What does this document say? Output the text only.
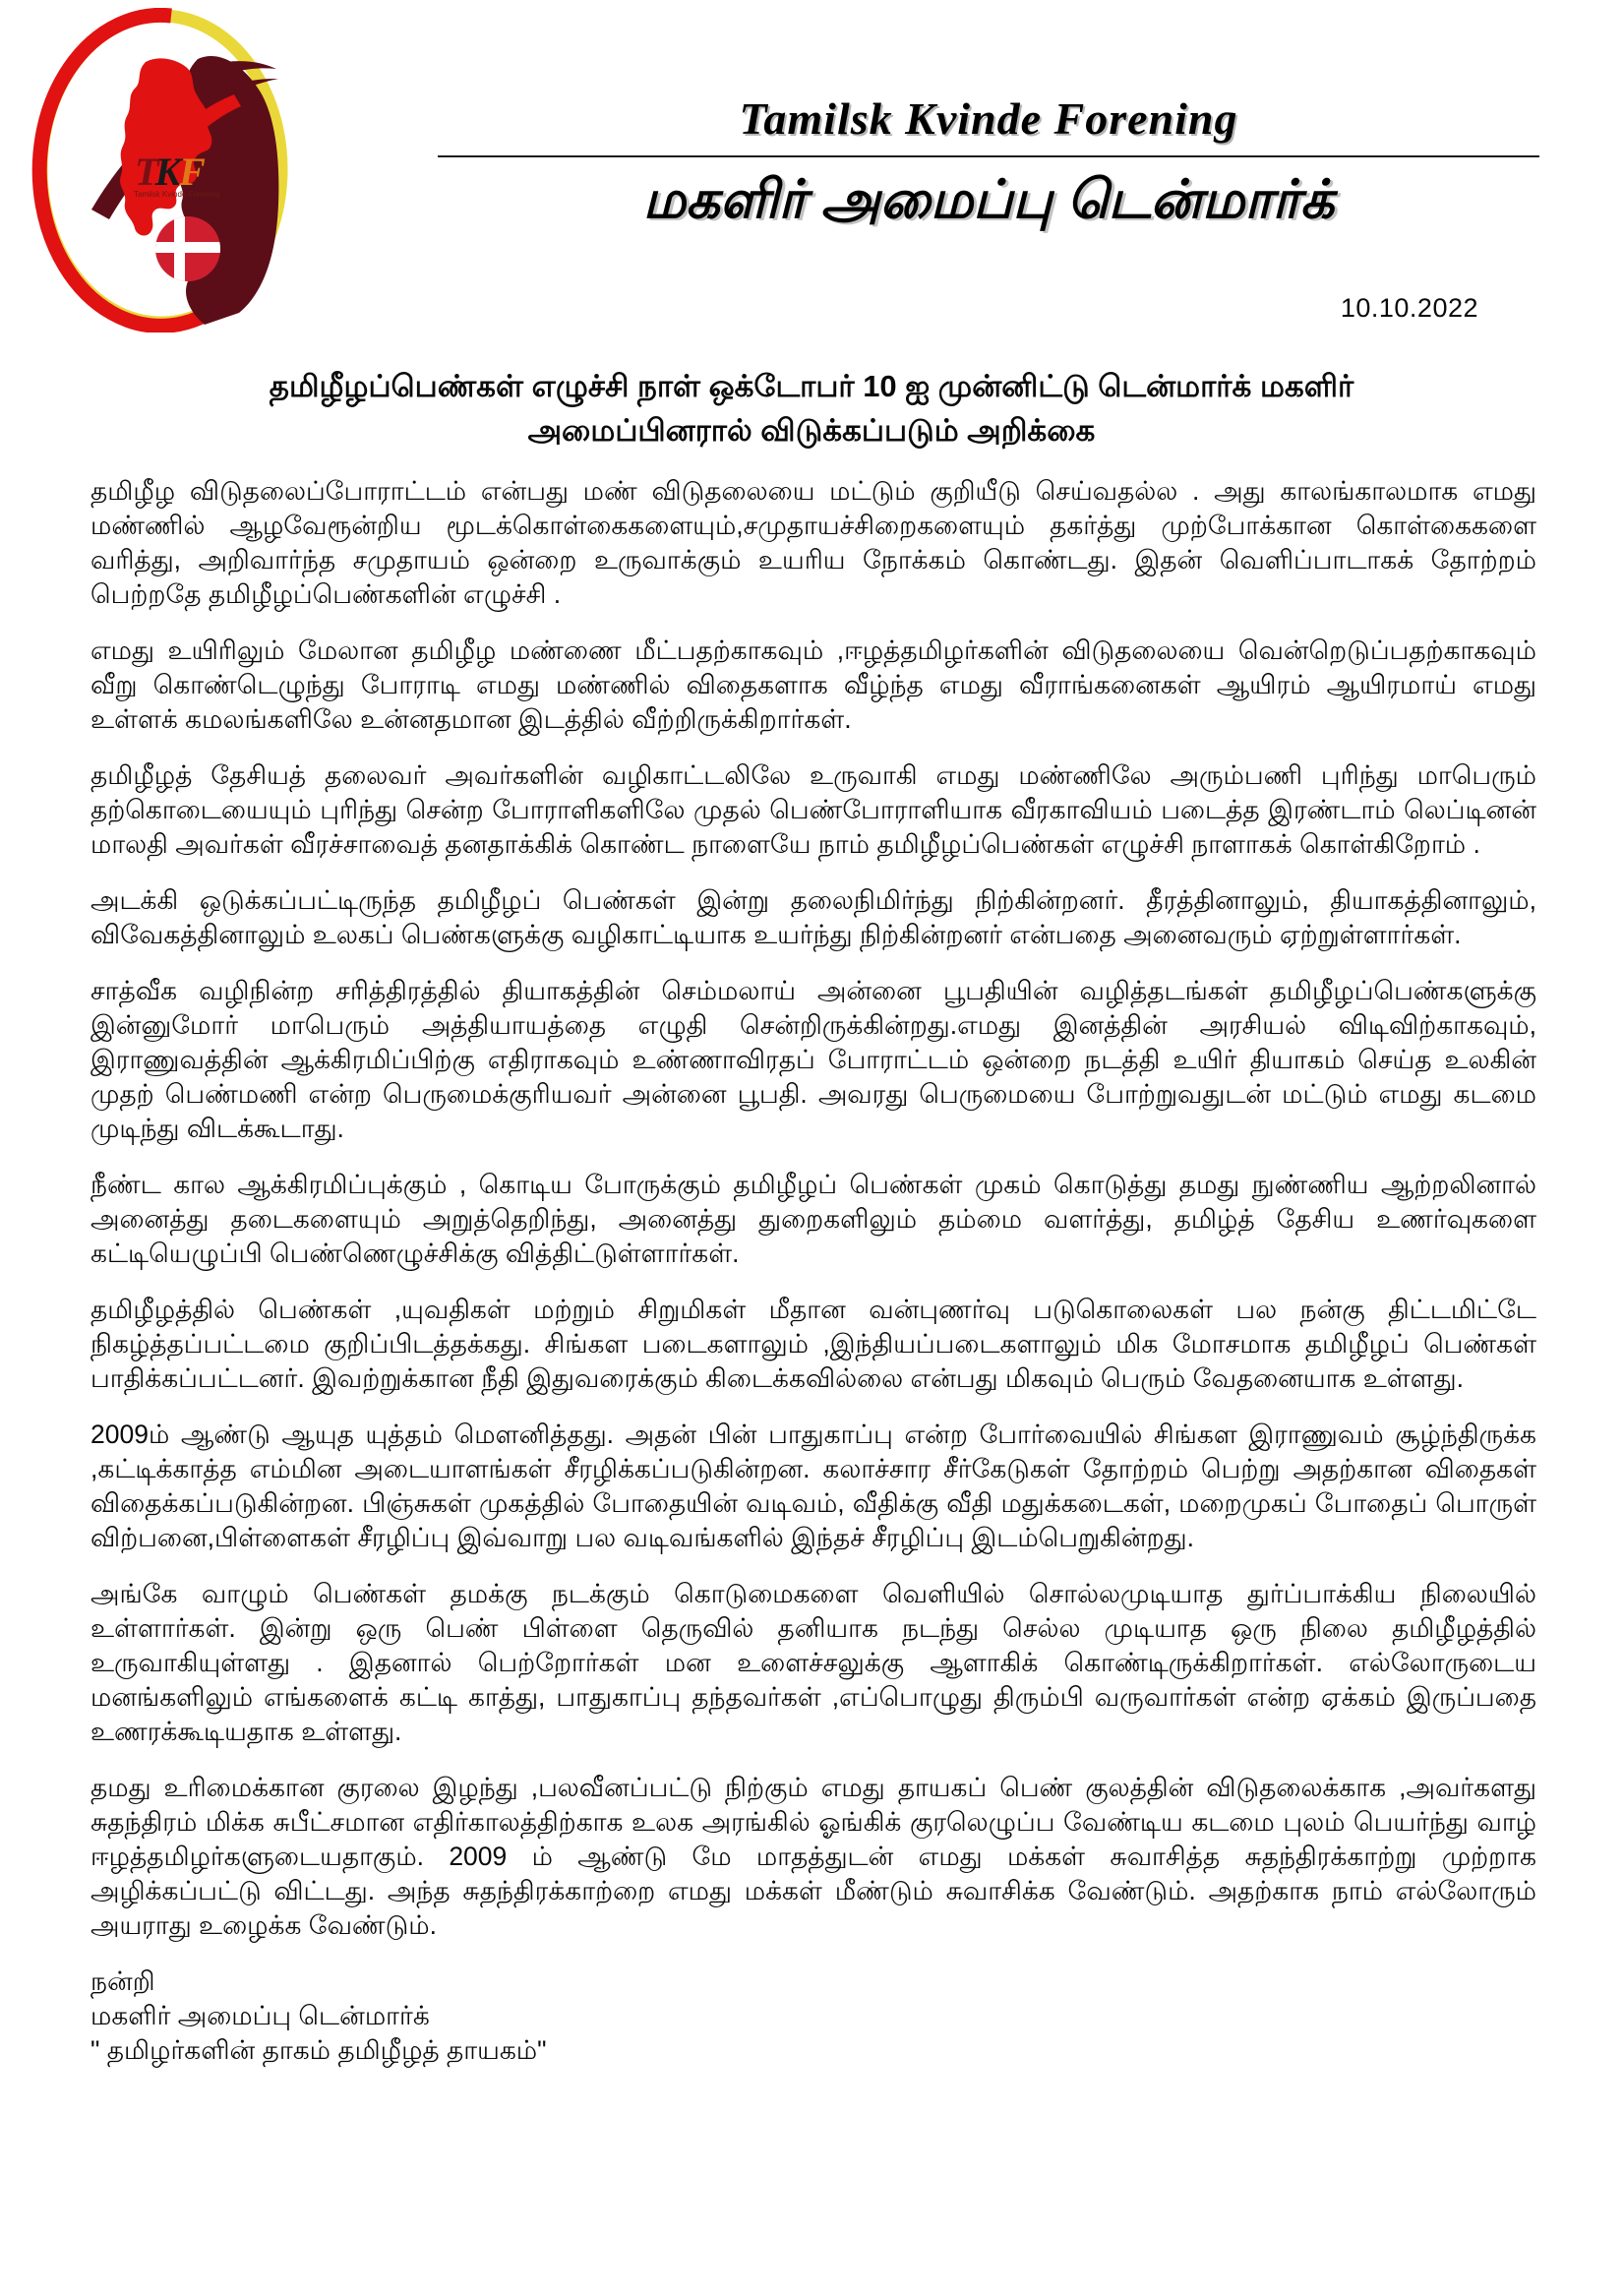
TKF
Tamilsk Kvinde Forening
Tamilsk Kvinde Forening
மகளிர் அமைப்பு டென்மார்க்
10.10.2022
தமிழீழப்பெண்கள் எழுச்சி நாள் ஒக்டோபர் 10 ஐ முன்னிட்டு டென்மார்க் மகளிர்
அமைப்பினரால் விடுக்கப்படும் அறிக்கை

தமிழீழ விடுதலைப்போராட்டம் என்பது மண் விடுதலையை மட்டும் குறியீடு செய்வதல்ல . அது காலங்காலமாக எமது மண்ணில் ஆழவேரூன்றிய மூடக்கொள்கைகளையும்,சமுதாயச்சிறைகளையும் தகர்த்து முற்போக்கான கொள்கைகளை வரித்து, அறிவார்ந்த சமுதாயம் ஒன்றை உருவாக்கும் உயரிய நோக்கம் கொண்டது. இதன் வெளிப்பாடாகக் தோற்றம் பெற்றதே தமிழீழப்பெண்களின் எழுச்சி .

எமது உயிரிலும் மேலான தமிழீழ மண்ணை மீட்பதற்காகவும் ,ஈழத்தமிழர்களின் விடுதலையை வென்றெடுப்பதற்காகவும் வீறு கொண்டெழுந்து போராடி எமது மண்ணில் விதைகளாக வீழ்ந்த எமது வீராங்கனைகள் ஆயிரம் ஆயிரமாய் எமது உள்ளக் கமலங்களிலே உன்னதமான இடத்தில் வீற்றிருக்கிறார்கள்.

தமிழீழத் தேசியத் தலைவர் அவர்களின் வழிகாட்டலிலே உருவாகி எமது மண்ணிலே அரும்பணி புரிந்து மாபெரும் தற்கொடையையும் புரிந்து சென்ற போராளிகளிலே முதல் பெண்போராளியாக வீரகாவியம் படைத்த இரண்டாம் லெப்டினன் மாலதி அவர்கள் வீரச்சாவைத் தனதாக்கிக் கொண்ட நாளையே நாம் தமிழீழப்பெண்கள் எழுச்சி நாளாகக் கொள்கிறோம் .

அடக்கி ஒடுக்கப்பட்டிருந்த தமிழீழப் பெண்கள் இன்று தலைநிமிர்ந்து நிற்கின்றனர். தீரத்தினாலும், தியாகத்தினாலும், விவேகத்தினாலும் உலகப் பெண்களுக்கு வழிகாட்டியாக உயர்ந்து நிற்கின்றனர் என்பதை அனைவரும் ஏற்றுள்ளார்கள்.

சாத்வீக வழிநின்ற சரித்திரத்தில் தியாகத்தின் செம்மலாய் அன்னை பூபதியின் வழித்தடங்கள் தமிழீழப்பெண்களுக்கு இன்னுமோர் மாபெரும் அத்தியாயத்தை எழுதி சென்றிருக்கின்றது.எமது இனத்தின் அரசியல் விடிவிற்காகவும், இராணுவத்தின் ஆக்கிரமிப்பிற்கு எதிராகவும் உண்ணாவிரதப் போராட்டம் ஒன்றை நடத்தி உயிர் தியாகம் செய்த உலகின் முதற் பெண்மணி என்ற பெருமைக்குரியவர் அன்னை பூபதி. அவரது பெருமையை போற்றுவதுடன் மட்டும் எமது கடமை முடிந்து விடக்கூடாது.

நீண்ட கால ஆக்கிரமிப்புக்கும் , கொடிய போருக்கும் தமிழீழப் பெண்கள் முகம் கொடுத்து தமது நுண்ணிய ஆற்றலினால் அனைத்து தடைகளையும் அறுத்தெறிந்து, அனைத்து துறைகளிலும் தம்மை வளர்த்து, தமிழ்த் தேசிய உணர்வுகளை கட்டியெழுப்பி பெண்ணெழுச்சிக்கு வித்திட்டுள்ளார்கள்.

தமிழீழத்தில் பெண்கள் ,யுவதிகள் மற்றும் சிறுமிகள் மீதான வன்புணர்வு படுகொலைகள் பல நன்கு திட்டமிட்டே நிகழ்த்தப்பட்டமை குறிப்பிடத்தக்கது. சிங்கள படைகளாலும் ,இந்தியப்படைகளாலும் மிக மோசமாக தமிழீழப் பெண்கள் பாதிக்கப்பட்டனர். இவற்றுக்கான நீதி இதுவரைக்கும் கிடைக்கவில்லை என்பது மிகவும் பெரும் வேதனையாக உள்ளது.

2009ம் ஆண்டு ஆயுத யுத்தம் மௌனித்தது. அதன் பின் பாதுகாப்பு என்ற போர்வையில் சிங்கள இராணுவம் சூழ்ந்திருக்க ,கட்டிக்காத்த எம்மின அடையாளங்கள் சீரழிக்கப்படுகின்றன. கலாச்சார சீர்கேடுகள் தோற்றம் பெற்று அதற்கான விதைகள் விதைக்கப்படுகின்றன. பிஞ்சுகள் முகத்தில் போதையின் வடிவம், வீதிக்கு வீதி மதுக்கடைகள், மறைமுகப் போதைப் பொருள் விற்பனை,பிள்ளைகள் சீரழிப்பு இவ்வாறு பல வடிவங்களில் இந்தச் சீரழிப்பு இடம்பெறுகின்றது.

அங்கே வாழும் பெண்கள் தமக்கு நடக்கும் கொடுமைகளை வெளியில் சொல்லமுடியாத துர்ப்பாக்கிய நிலையில் உள்ளார்கள். இன்று ஒரு பெண் பிள்ளை தெருவில் தனியாக நடந்து செல்ல முடியாத ஒரு நிலை தமிழீழத்தில் உருவாகியுள்ளது . இதனால் பெற்றோர்கள் மன உளைச்சலுக்கு ஆளாகிக் கொண்டிருக்கிறார்கள். எல்லோருடைய மனங்களிலும் எங்களைக் கட்டி காத்து, பாதுகாப்பு தந்தவர்கள் ,எப்பொழுது திரும்பி வருவார்கள் என்ற ஏக்கம் இருப்பதை உணரக்கூடியதாக உள்ளது.

தமது உரிமைக்கான குரலை இழந்து ,பலவீனப்பட்டு நிற்கும் எமது தாயகப் பெண் குலத்தின் விடுதலைக்காக ,அவர்களது சுதந்திரம் மிக்க சுபீட்சமான எதிர்காலத்திற்காக உலக அரங்கில் ஓங்கிக் குரலெழுப்ப வேண்டிய கடமை புலம் பெயர்ந்து வாழ் ஈழத்தமிழர்களுடையதாகும். 2009 ம் ஆண்டு மே மாதத்துடன் எமது மக்கள் சுவாசித்த சுதந்திரக்காற்று முற்றாக அழிக்கப்பட்டு விட்டது. அந்த சுதந்திரக்காற்றை எமது மக்கள் மீண்டும் சுவாசிக்க வேண்டும். அதற்காக நாம் எல்லோரும் அயராது உழைக்க வேண்டும்.

நன்றி
மகளிர் அமைப்பு டென்மார்க்
" தமிழர்களின் தாகம் தமிழீழத் தாயகம்"
